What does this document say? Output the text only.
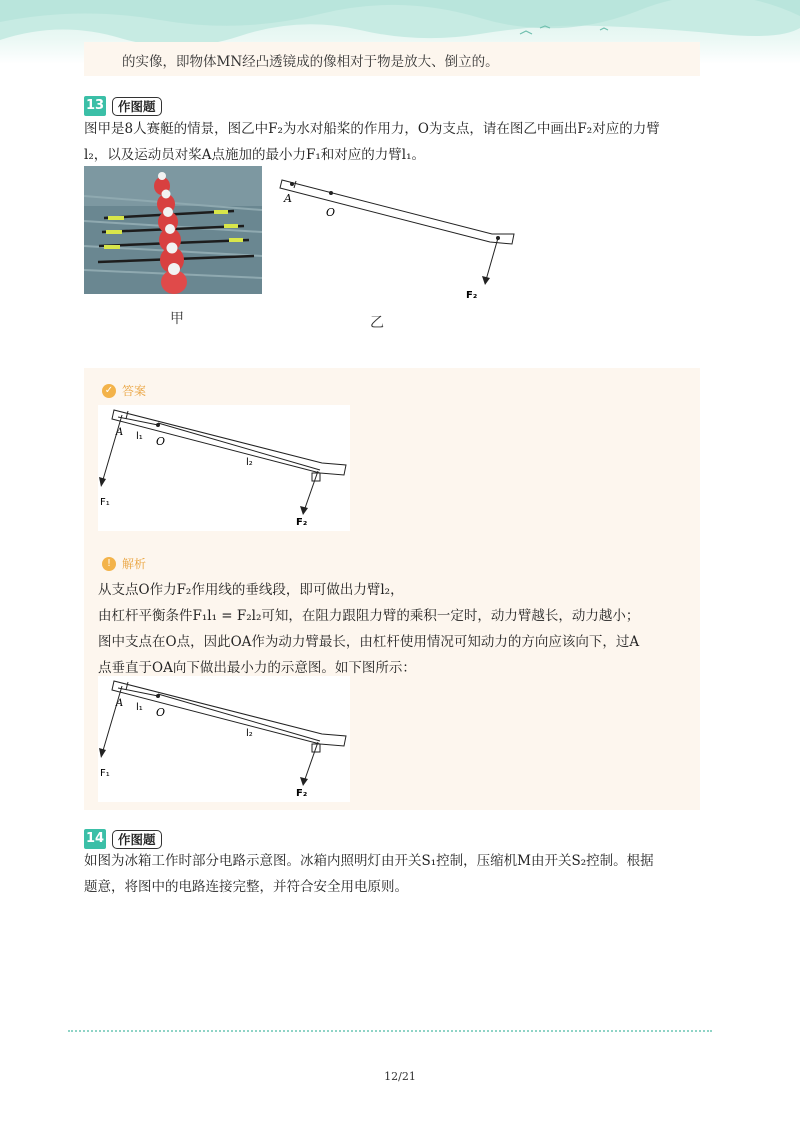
的实像，即物体MN经凸透镜成的像相对于物是放大、倒立的。
13	作图题
图甲是8人赛艇的情景，图乙中F₂为水对船桨的作用力，O为支点，请在图乙中画出F₂对应的力臂
l₂，以及运动员对桨A点施加的最小力F₁和对应的力臂l₁。
甲
A
O
F₂
乙
✓ 答案
A
O
l₁
l₂
F₁
F₂
! 解析

从支点O作力F₂作用线的垂线段，即可做出力臂l₂，

由杠杆平衡条件F₁l₁ = F₂l₂可知，在阻力跟阻力臂的乘积一定时，动力臂越长，动力越小；

图中支点在O点，因此OA作为动力臂最长，由杠杆使用情况可知动力的方向应该向下，过A

点垂直于OA向下做出最小力的示意图。如下图所示：

A
O
l₁
l₂
F₁
F₂
14	作图题
如图为冰箱工作时部分电路示意图。冰箱内照明灯由开关S₁控制，压缩机M由开关S₂控制。根据
题意，将图中的电路连接完整，并符合安全用电原则。
12/21
